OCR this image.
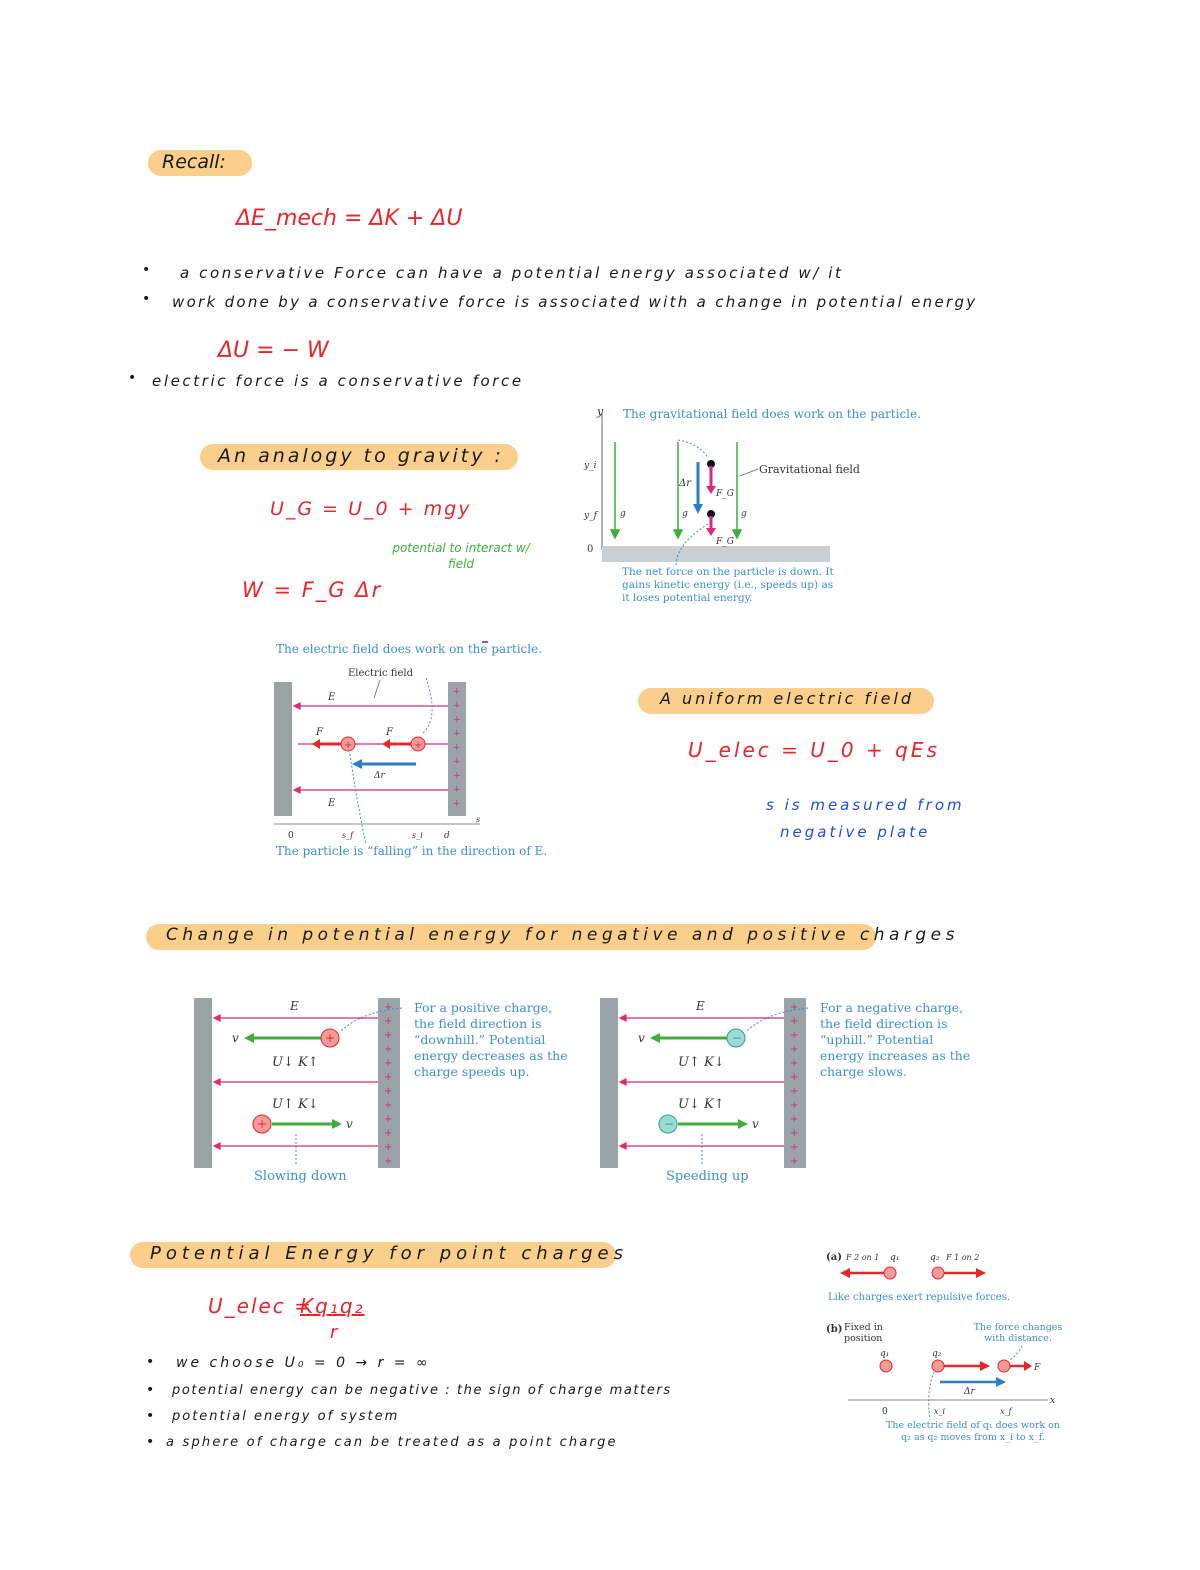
Recall:
ΔE_mech = ΔK + ΔU
• a conservative Force can have a potential energy associated w/ it
• work done by a conservative force is associated with a change in potential energy
ΔU = − W
• electric force is a conservative force
An analogy to gravity :
U_G = U_0 + mgy
potential to interact w/ field
W = F_G Δr
y
y_i
y_f
0
The gravitational field does work on the particle.
g	g	g
Δr
F_G
F_G
Gravitational field
The net force on the particle is down. It gains kinetic energy (i.e., speeds up) as it loses potential energy.
The electric field does work on the particle.
Electric field
+
+
+
+
+
+
+
+
+
E
E
+
F
+
F
Δr
0	s_f	s_i d
s
The particle is “falling” in the direction of E.
A uniform electric field
U_elec = U_0 + qEs
s is measured from
negative plate
Change in potential energy for negative and positive charges
+
+
+
+
+
+
+
+
+
+
+
+
E
+
v
U↓ K↑
U↑ K↓
+	v
Slowing down
For a positive charge, the field direction is “downhill.” Potential energy decreases as the charge speeds up.
+
+
+
+
+
+
+
+
+
+
+
+
E
−
v
U↑ K↓
U↓ K↑
−	v
Speeding up
For a negative charge, the field direction is “uphill.” Potential energy increases as the charge slows.
Potential Energy for point charges
U_elec =
Kq₁q₂
r
• we choose U₀ = 0 → r = ∞
• potential energy can be negative : the sign of charge matters
• potential energy of system
• a sphere of charge can be treated as a point charge
(a) F 2 on 1 q₁	q₂ F 1 on 2
Like charges exert repulsive forces.
(b) Fixed in position
The force changes with distance.
q₁	q₂
F
Δr
x
0	x_i	x_f
The electric field of q₁ does work on q₂ as q₂ moves from x_i to x_f.
